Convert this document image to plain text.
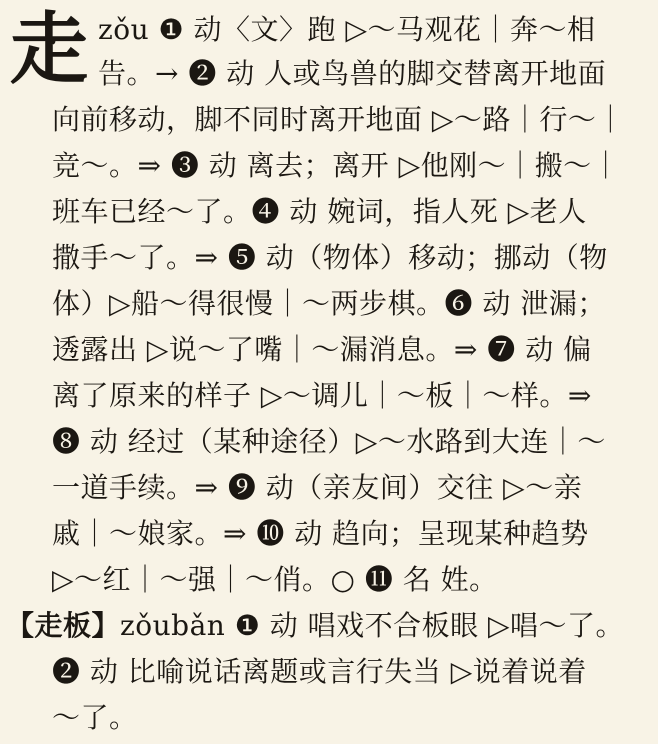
走 zǒu ❶ 动〈文〉跑 ▷～马观花｜奔～相
告。→ ❷ 动 人或鸟兽的脚交替离开地面
向前移动，脚不同时离开地面 ▷～路｜行～｜
竞～。⇒ ❸ 动 离去；离开 ▷他刚～｜搬～｜
班车已经～了。❹ 动 婉词，指人死 ▷老人
撒手～了。⇒ ❺ 动（物体）移动；挪动（物
体）▷船～得很慢｜～两步棋。❻ 动 泄漏；
透露出 ▷说～了嘴｜～漏消息。⇒ ❼ 动 偏
离了原来的样子 ▷～调儿｜～板｜～样。⇒
❽ 动 经过（某种途径）▷～水路到大连｜～
一道手续。⇒ ❾ 动（亲友间）交往 ▷～亲
戚｜～娘家。⇒ ❿ 动 趋向；呈现某种趋势
▷～红｜～强｜～俏。○ ⓫ 名 姓。
【走板】zǒubǎn ❶ 动 唱戏不合板眼 ▷唱～了。
❷ 动 比喻说话离题或言行失当 ▷说着说着
～了。
